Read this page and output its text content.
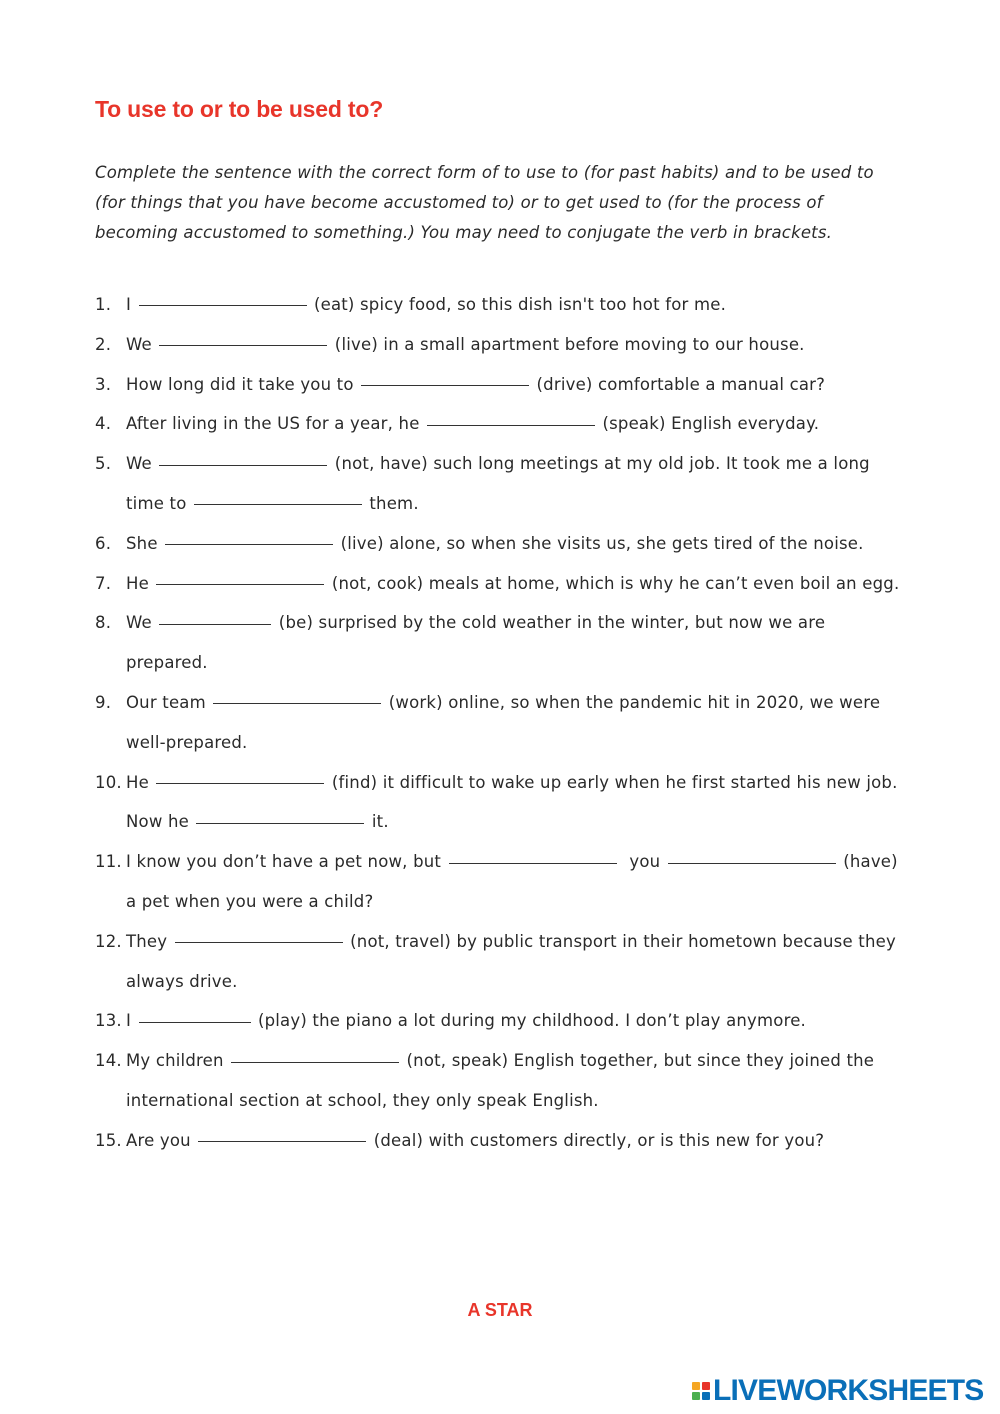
To use to or to be used to?

Complete the sentence with the correct form of to use to (for past habits) and to be used to (for things that you have become accustomed to) or to get used to (for the process of becoming accustomed to something.) You may need to conjugate the verb in brackets.

1. I	(eat) spicy food, so this dish isn't too hot for me.
2. We	(live) in a small apartment before moving to our house.
3. How long did it take you to	(drive) comfortable a manual car?
4. After living in the US for a year, he	(speak) English everyday.
5. We	(not, have) such long meetings at my old job. It took me a long time to	them.
6. She	(live) alone, so when she visits us, she gets tired of the noise.
7. He	(not, cook) meals at home, which is why he can’t even boil an egg.
8. We	(be) surprised by the cold weather in the winter, but now we are prepared.
9. Our team	(work) online, so when the pandemic hit in 2020, we were well-prepared.
10. He	(find) it difficult to wake up early when he first started his new job. Now he	it.
11. I know you don’t have a pet now, but	you	(have) a pet when you were a child?
12. They	(not, travel) by public transport in their hometown because they always drive.
13. I	(play) the piano a lot during my childhood. I don’t play anymore.
14. My children	(not, speak) English together, but since they joined the international section at school, they only speak English.
15. Are you	(deal) with customers directly, or is this new for you?
A STAR
LIVEWORKSHEETS
